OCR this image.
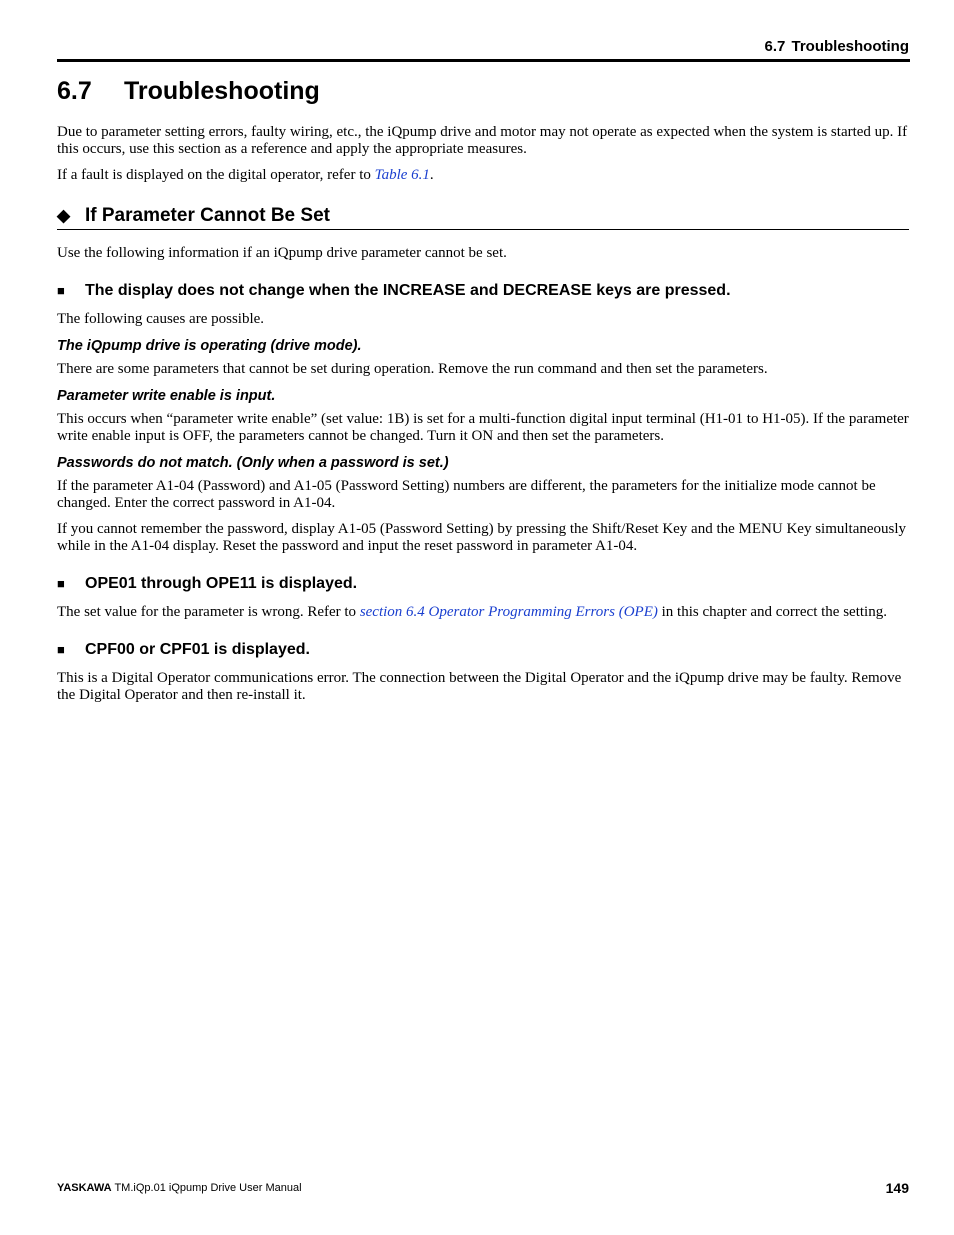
6.7 Troubleshooting
6.7 Troubleshooting

Due to parameter setting errors, faulty wiring, etc., the iQpump drive and motor may not operate as expected when the system is started up. If this occurs, use this section as a reference and apply the appropriate measures.

If a fault is displayed on the digital operator, refer to Table 6.1.

◆ If Parameter Cannot Be Set

Use the following information if an iQpump drive parameter cannot be set.

■ The display does not change when the INCREASE and DECREASE keys are pressed.

The following causes are possible.

The iQpump drive is operating (drive mode).

There are some parameters that cannot be set during operation. Remove the run command and then set the parameters.

Parameter write enable is input.

This occurs when “parameter write enable” (set value: 1B) is set for a multi-function digital input terminal (H1-01 to H1-05). If the parameter write enable input is OFF, the parameters cannot be changed. Turn it ON and then set the parameters.

Passwords do not match. (Only when a password is set.)

If the parameter A1-04 (Password) and A1-05 (Password Setting) numbers are different, the parameters for the initialize mode cannot be changed. Enter the correct password in A1-04.

If you cannot remember the password, display A1-05 (Password Setting) by pressing the Shift/Reset Key and the MENU Key simultaneously while in the A1-04 display. Reset the password and input the reset password in parameter A1-04.

■ OPE01 through OPE11 is displayed.

The set value for the parameter is wrong. Refer to section 6.4 Operator Programming Errors (OPE) in this chapter and correct the setting.

■ CPF00 or CPF01 is displayed.

This is a Digital Operator communications error. The connection between the Digital Operator and the iQpump drive may be faulty. Remove the Digital Operator and then re-install it.

YASKAWA TM.iQp.01 iQpump Drive User Manual	149
